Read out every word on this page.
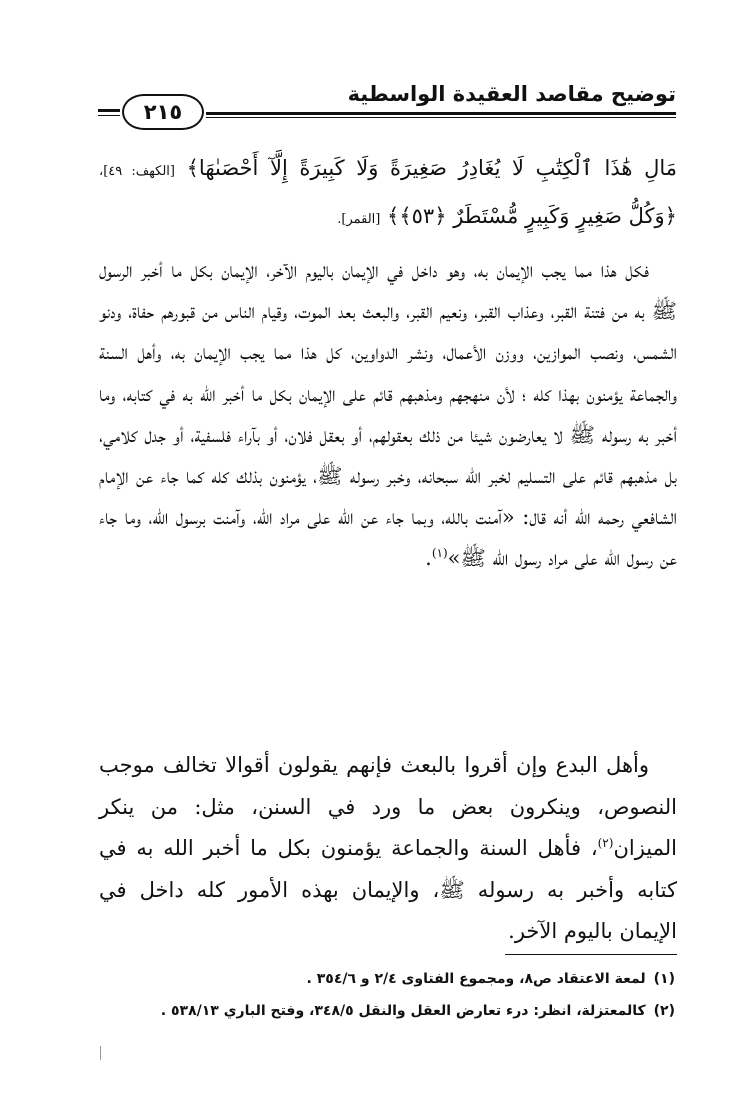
توضيح مقاصد العقيدة الواسطية
٢١٥
مَالِ هَٰذَا ٱلْكِتَٰبِ لَا يُغَادِرُ صَغِيرَةً وَلَا كَبِيرَةً إِلَّآ أَحْصَىٰهَا﴾ [الكهف: ٤٩]، ﴿وَكُلُّ صَغِيرٍ وَكَبِيرٍ مُّسْتَطَرٌ ﴿٥٣﴾﴾ [القمر].

فكل هذا مما يجب الإيمان به، وهو داخل في الإيمان باليوم الآخر، الإيمان بكل ما أخبر الرسول ﷺ به من فتنة القبر، وعذاب القبر، ونعيم القبر، والبعث بعد الموت، وقيام الناس من قبورهم حفاة، ودنو الشمس، ونصب الموازين، ووزن الأعمال، ونشر الدواوين، كل هذا مما يجب الإيمان به، وأهل السنة والجماعة يؤمنون بهذا كله ؛ لأن منهجهم ومذهبهم قائم على الإيمان بكل ما أخبر الله به في كتابه، وما أخبر به رسوله ﷺ لا يعارضون شيئا من ذلك بعقولهم، أو بعقل فلان، أو بآراء فلسفية، أو جدل كلامي، بل مذهبهم قائم على التسليم لخبر الله سبحانه، وخبر رسوله ﷺ، يؤمنون بذلك كله كما جاء عن الإمام الشافعي رحمه الله أنه قال: «آمنت بالله، وبما جاء عن الله على مراد الله، وآمنت برسول الله، وما جاء عن رسول الله على مراد رسول الله ﷺ»$^{(١)}$.

وأهل البدع وإن أقروا بالبعث فإنهم يقولون أقوالا تخالف موجب النصوص، وينكرون بعض ما ورد في السنن، مثل: من ينكر الميزان$^{(٢)}$، فأهل السنة والجماعة يؤمنون بكل ما أخبر الله به في كتابه وأخبر به رسوله ﷺ، والإيمان بهذه الأمور كله داخل في الإيمان باليوم الآخر.

(١)لمعة الاعتقاد ص٨، ومجموع الفتاوى ٢/٤ و ٣٥٤/٦ .
(٢)كالمعتزلة، انظر: درء تعارض العقل والنقل ٣٤٨/٥، وفتح الباري ٥٣٨/١٣ .
